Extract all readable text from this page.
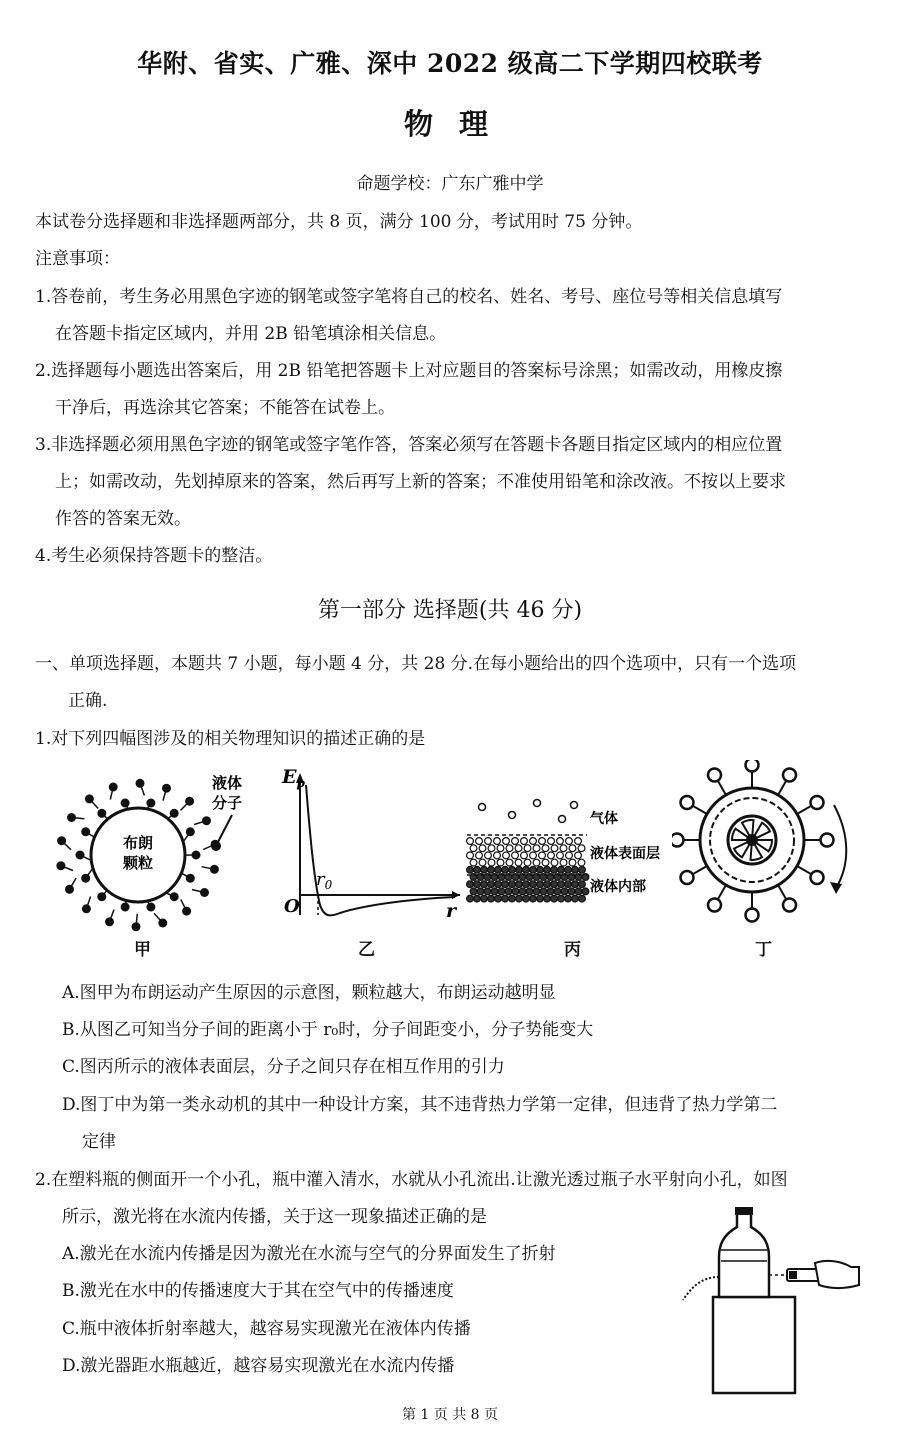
华附、省实、广雅、深中 2022 级高二下学期四校联考
物 理
命题学校：广东广雅中学
本试卷分选择题和非选择题两部分，共 8 页，满分 100 分，考试用时 75 分钟。
注意事项：
1.答卷前，考生务必用黑色字迹的钢笔或签字笔将自己的校名、姓名、考号、座位号等相关信息填写
在答题卡指定区域内，并用 2B 铅笔填涂相关信息。
2.选择题每小题选出答案后，用 2B 铅笔把答题卡上对应题目的答案标号涂黑；如需改动，用橡皮擦
干净后，再选涂其它答案；不能答在试卷上。
3.非选择题必须用黑色字迹的钢笔或签字笔作答，答案必须写在答题卡各题目指定区域内的相应位置
上；如需改动，先划掉原来的答案，然后再写上新的答案；不准使用铅笔和涂改液。不按以上要求
作答的答案无效。
4.考生必须保持答题卡的整洁。
第一部分 选择题(共 46 分)
一、单项选择题，本题共 7 小题，每小题 4 分，共 28 分.在每小题给出的四个选项中，只有一个选项
正确.
1.对下列四幅图涉及的相关物理知识的描述正确的是
布朗
颗粒
液体
分子
甲
$E_p$
$r_0$
O	r
乙
气体
液体表面层
液体内部
丙	丁
A.图甲为布朗运动产生原因的示意图，颗粒越大，布朗运动越明显
B.从图乙可知当分子间的距离小于 r₀时，分子间距变小，分子势能变大
C.图丙所示的液体表面层，分子之间只存在相互作用的引力
D.图丁中为第一类永动机的其中一种设计方案，其不违背热力学第一定律，但违背了热力学第二
定律
2.在塑料瓶的侧面开一个小孔，瓶中灌入清水，水就从小孔流出.让激光透过瓶子水平射向小孔，如图
所示，激光将在水流内传播，关于这一现象描述正确的是
A.激光在水流内传播是因为激光在水流与空气的分界面发生了折射
B.激光在水中的传播速度大于其在空气中的传播速度
C.瓶中液体折射率越大，越容易实现激光在液体内传播
D.激光器距水瓶越近，越容易实现激光在水流内传播
第 1 页 共 8 页
